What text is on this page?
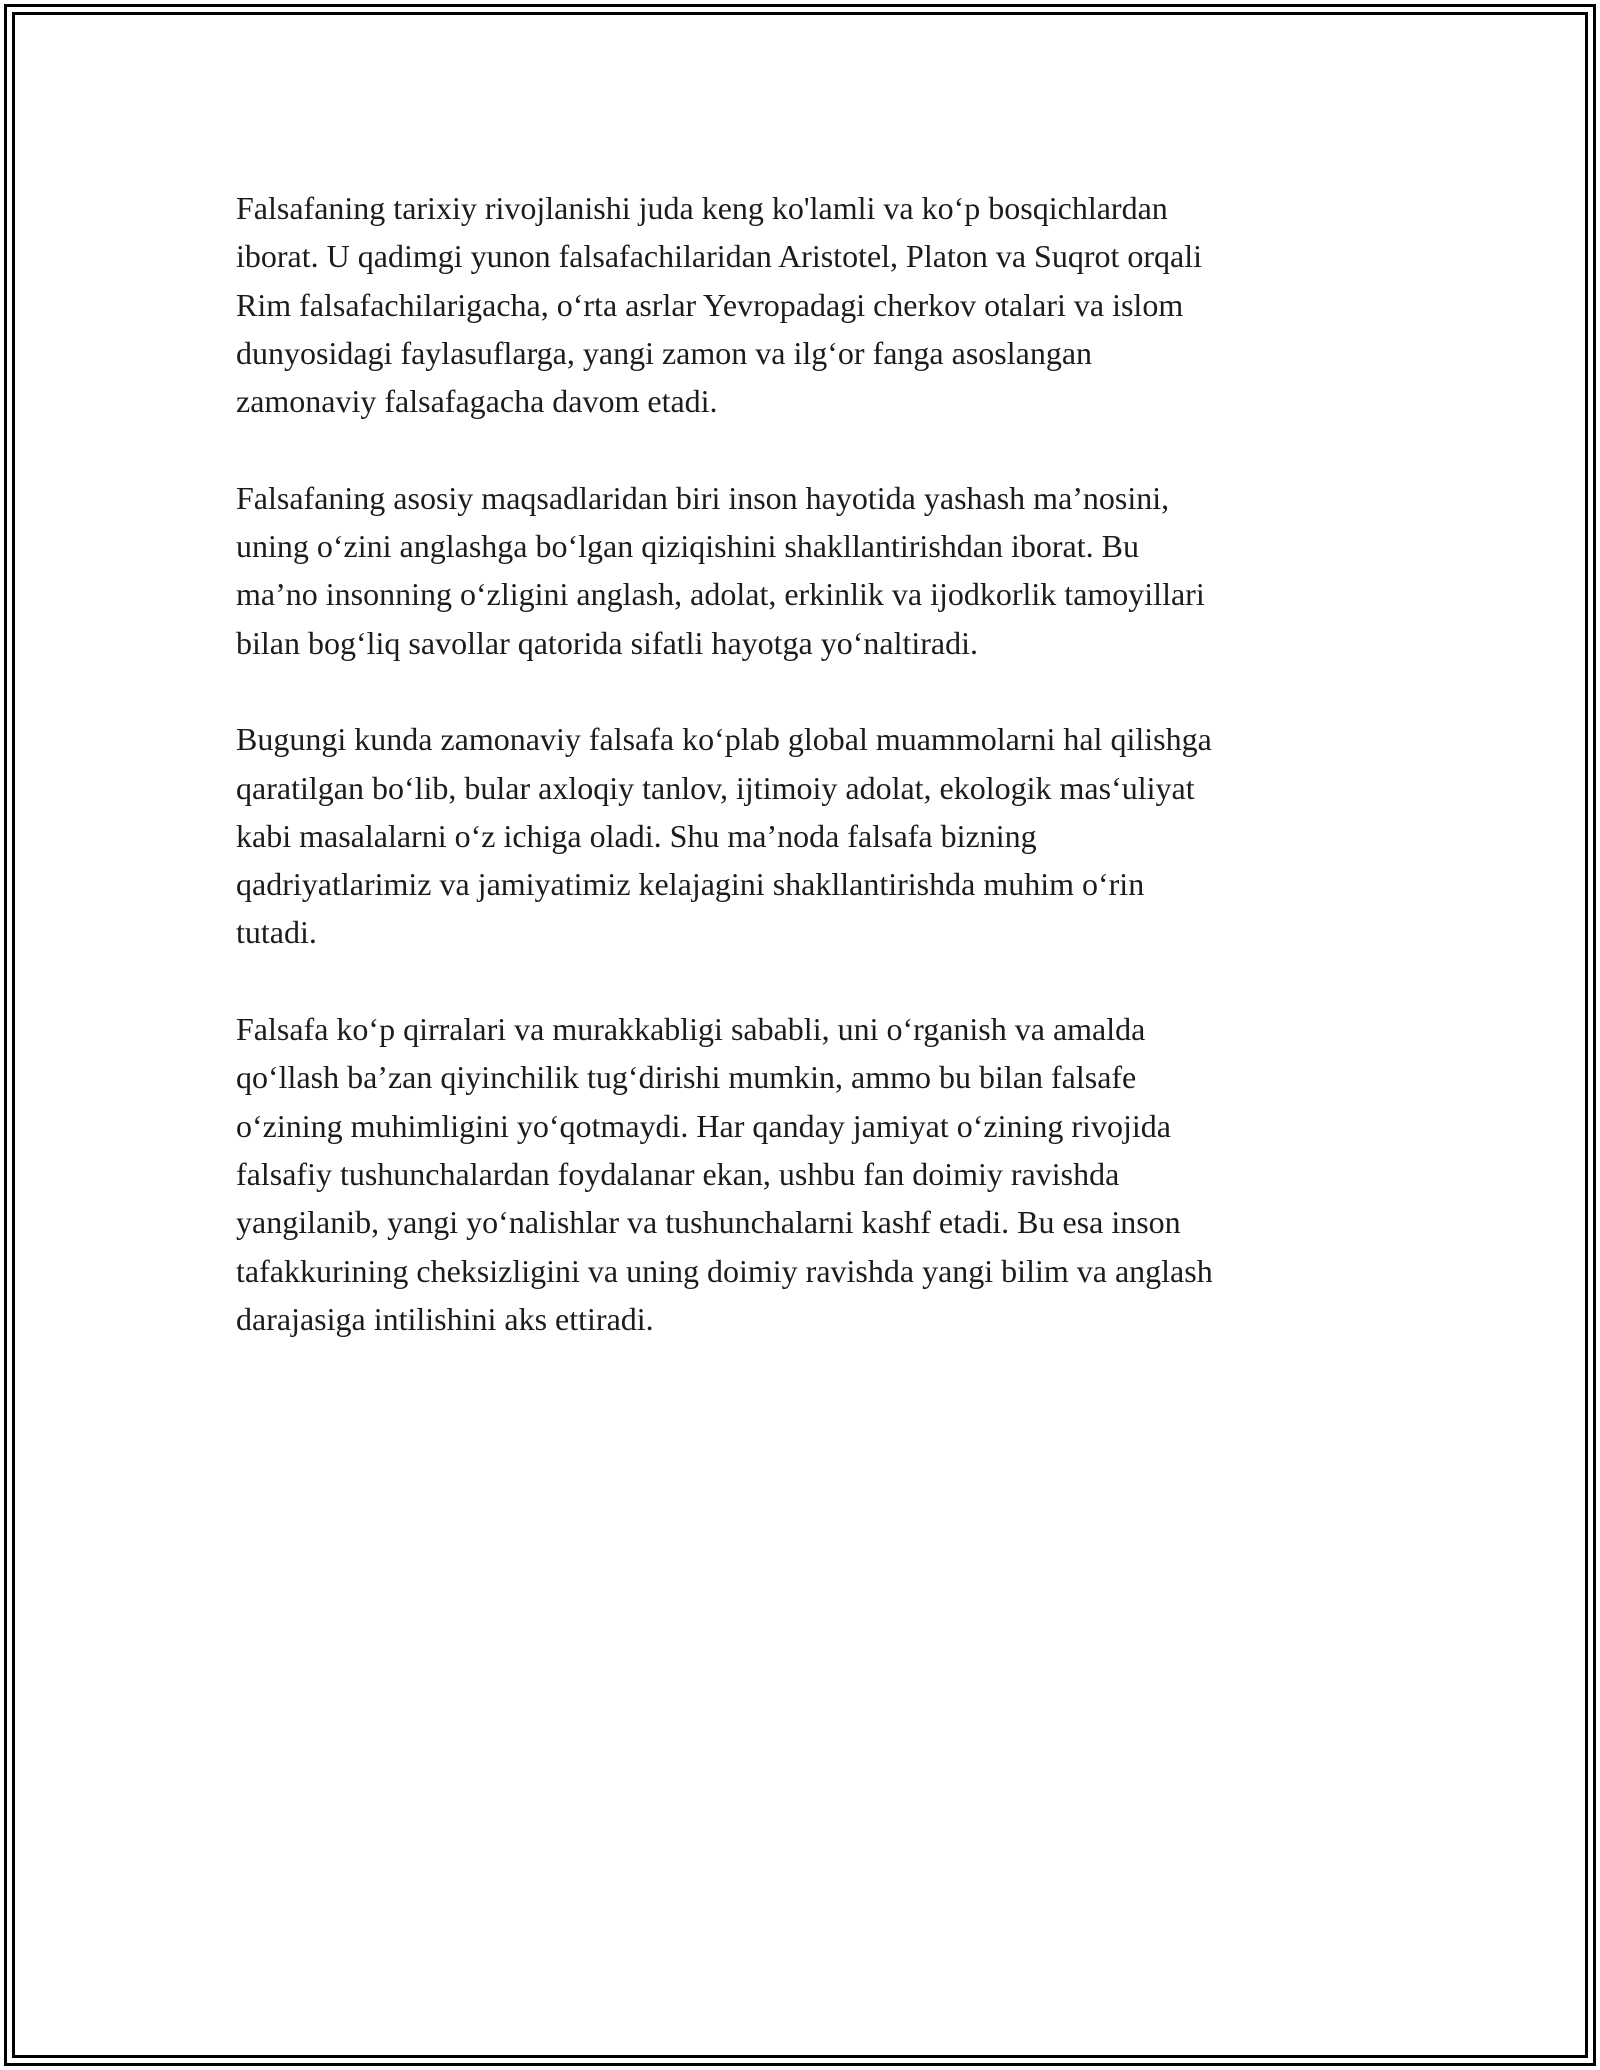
Falsafaning tarixiy rivojlanishi juda keng ko'lamli va ko‘p bosqichlardan
iborat. U qadimgi yunon falsafachilaridan Aristotel, Platon va Suqrot orqali
Rim falsafachilarigacha, o‘rta asrlar Yevropadagi cherkov otalari va islom
dunyosidagi faylasuflarga, yangi zamon va ilg‘or fanga asoslangan
zamonaviy falsafagacha davom etadi.

Falsafaning asosiy maqsadlaridan biri inson hayotida yashash ma’nosini,
uning o‘zini anglashga bo‘lgan qiziqishini shakllantirishdan iborat. Bu
ma’no insonning o‘zligini anglash, adolat, erkinlik va ijodkorlik tamoyillari
bilan bog‘liq savollar qatorida sifatli hayotga yo‘naltiradi.

Bugungi kunda zamonaviy falsafa ko‘plab global muammolarni hal qilishga
qaratilgan bo‘lib, bular axloqiy tanlov, ijtimoiy adolat, ekologik mas‘uliyat
kabi masalalarni o‘z ichiga oladi. Shu ma’noda falsafa bizning
qadriyatlarimiz va jamiyatimiz kelajagini shakllantirishda muhim o‘rin
tutadi.

Falsafa ko‘p qirralari va murakkabligi sababli, uni o‘rganish va amalda
qo‘llash ba’zan qiyinchilik tug‘dirishi mumkin, ammo bu bilan falsafe
o‘zining muhimligini yo‘qotmaydi. Har qanday jamiyat o‘zining rivojida
falsafiy tushunchalardan foydalanar ekan, ushbu fan doimiy ravishda
yangilanib, yangi yo‘nalishlar va tushunchalarni kashf etadi. Bu esa inson
tafakkurining cheksizligini va uning doimiy ravishda yangi bilim va anglash
darajasiga intilishini aks ettiradi.
